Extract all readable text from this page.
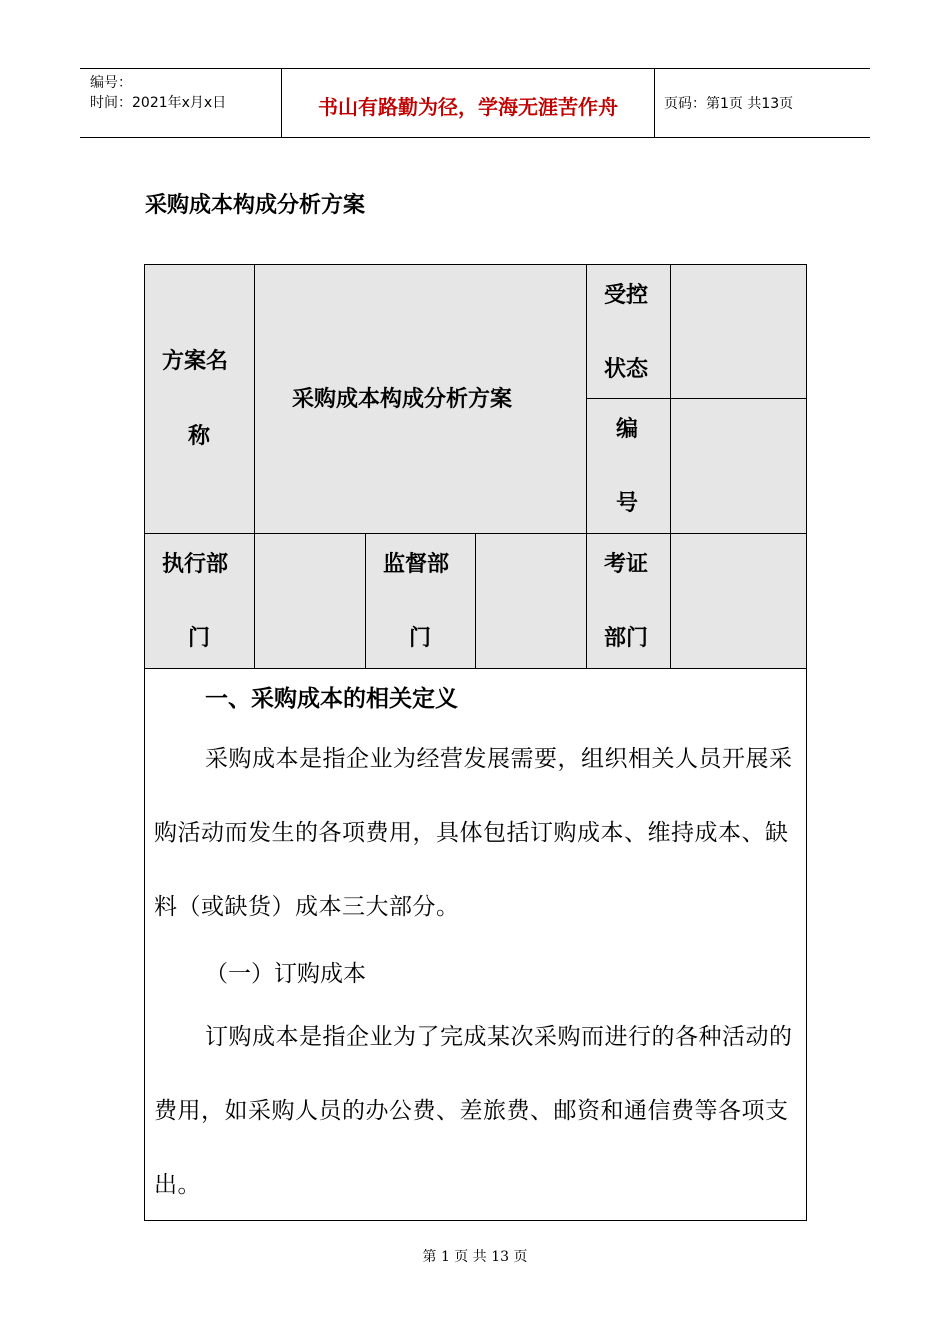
编号：
时间：2021年x月x日	书山有路勤为径，学海无涯苦作舟	页码：第1页 共13页
采购成本构成分析方案
方案名
称
采购成本构成分析方案
受控
状态
编
号
执行部
门
监督部
门
考证
部门
一、采购成本的相关定义
采购成本是指企业为经营发展需要，组织相关人员开展采购活动而发生的各项费用，具体包括订购成本、维持成本、缺料（或缺货）成本三大部分。
（一）订购成本
订购成本是指企业为了完成某次采购而进行的各种活动的费用，如采购人员的办公费、差旅费、邮资和通信费等各项支出。
第 1 页 共 13 页
